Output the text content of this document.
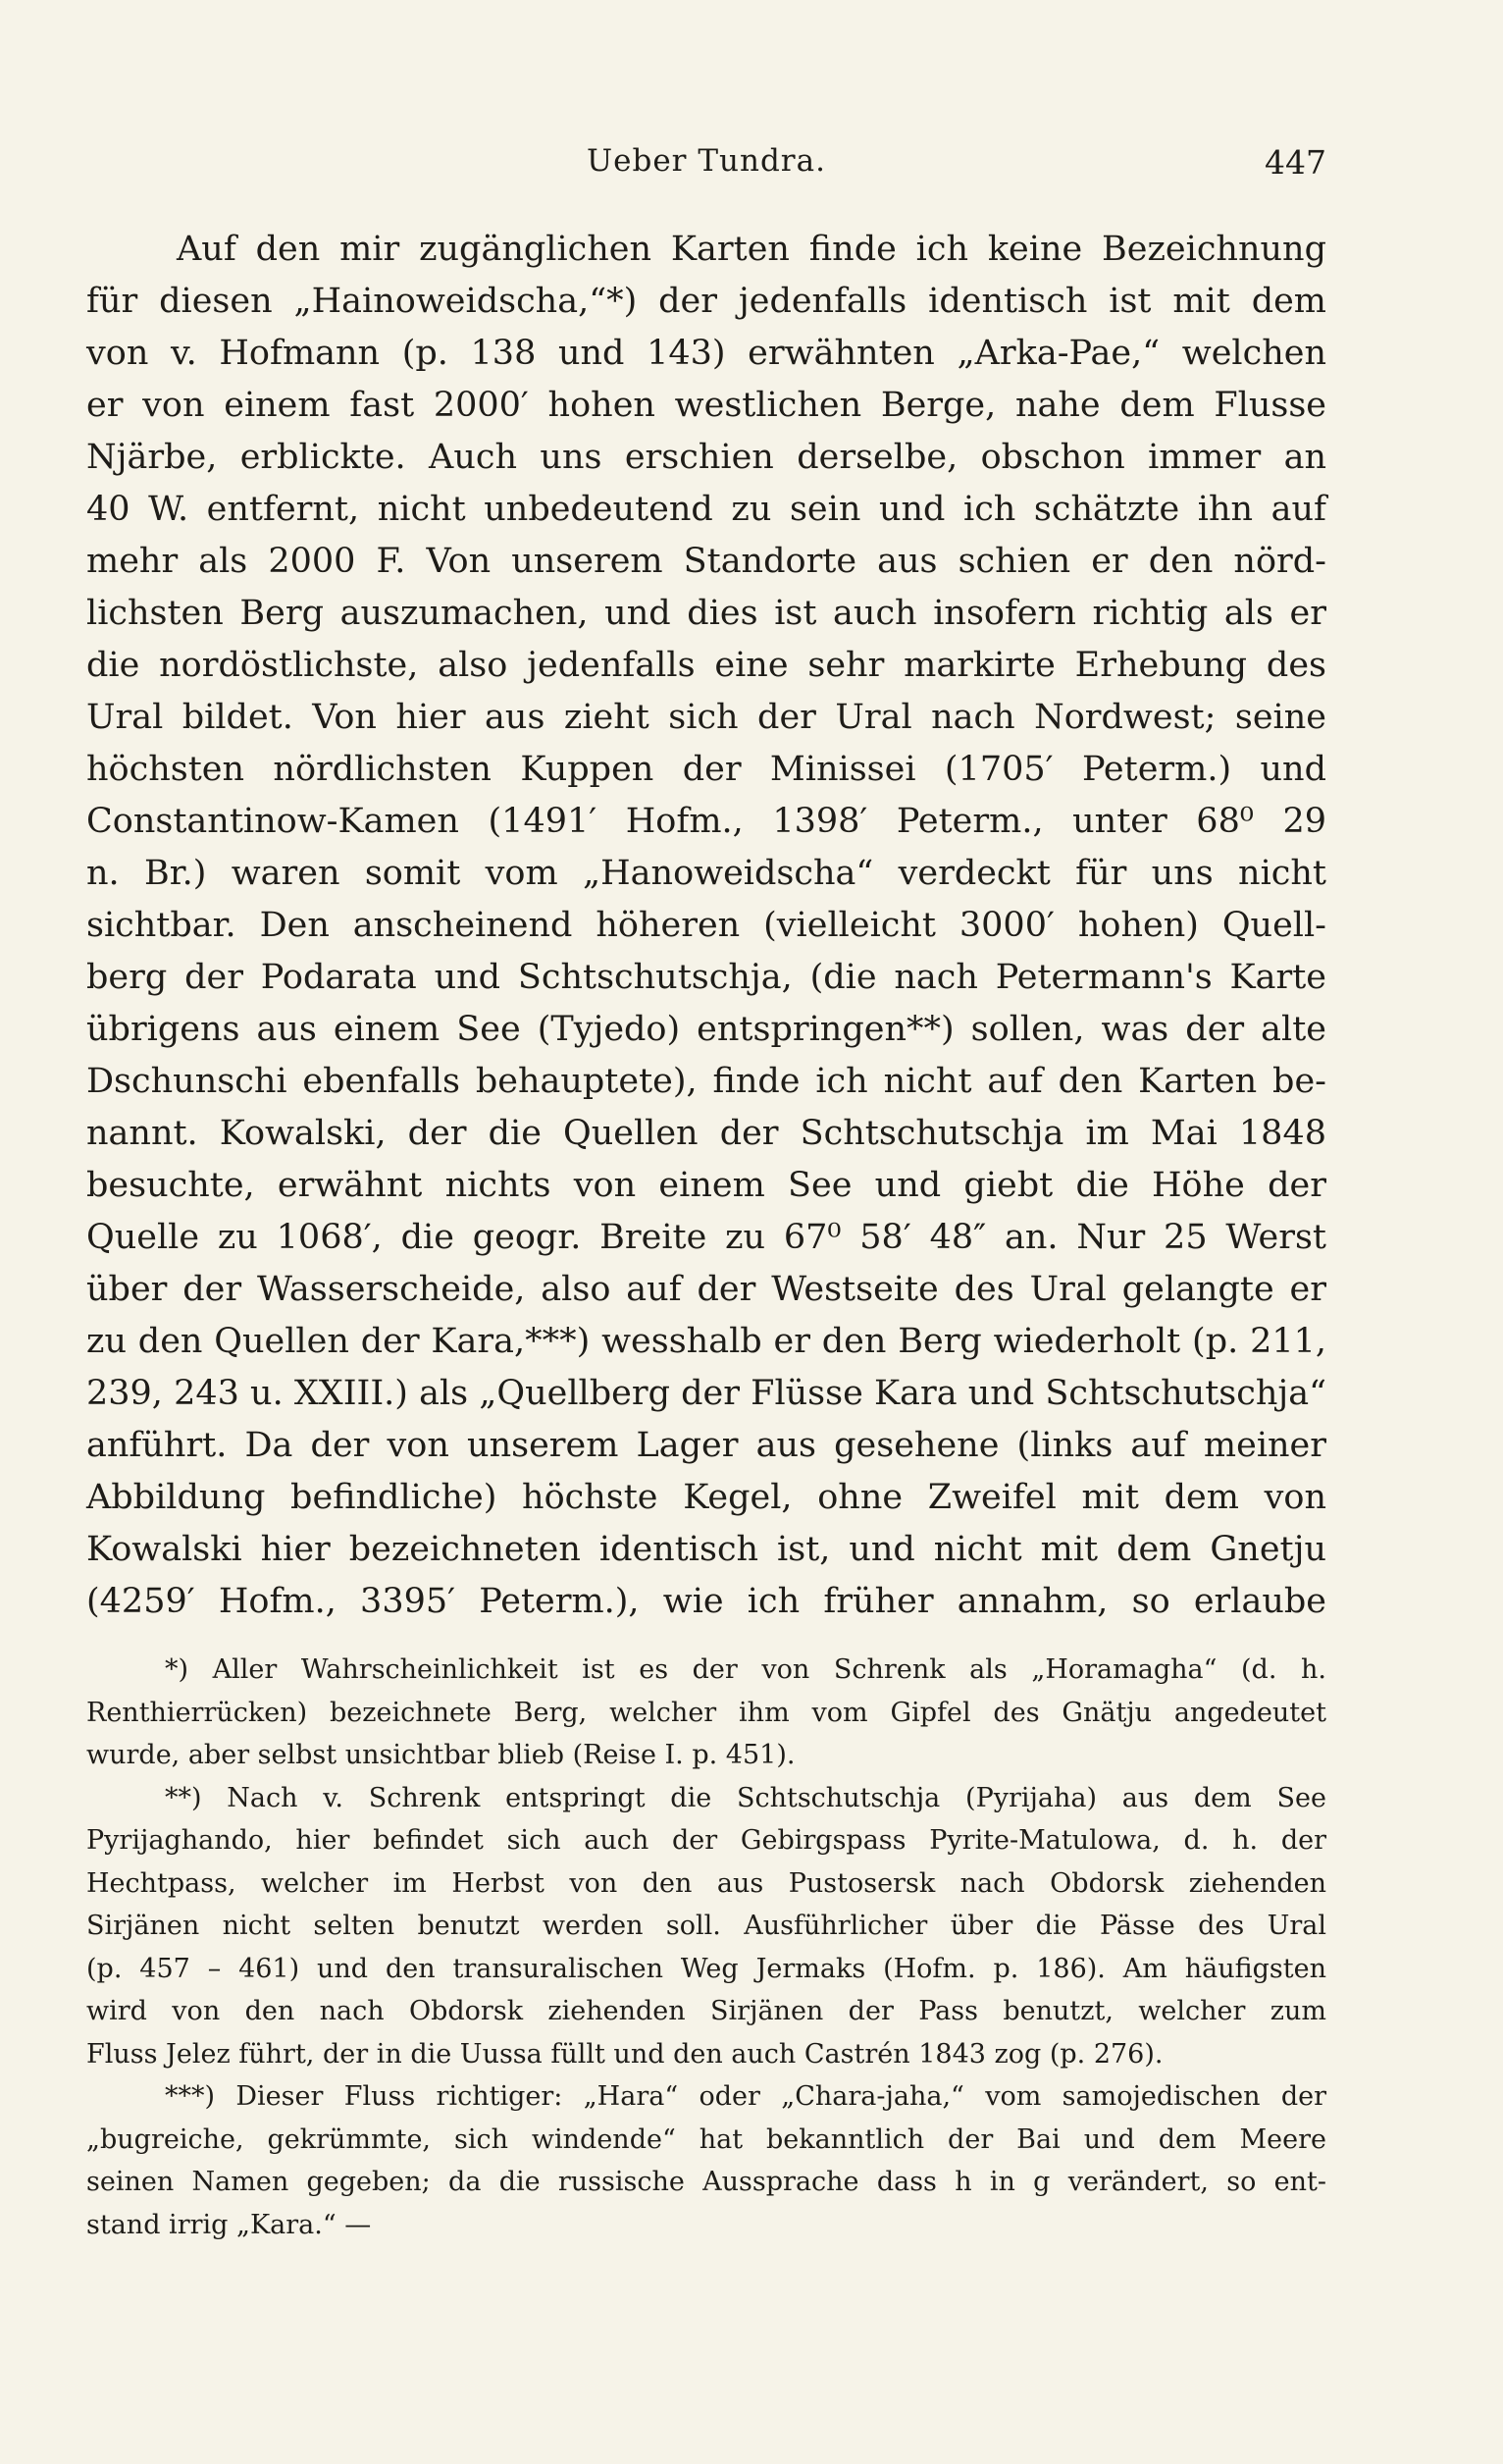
Ueber Tundra.	447
Auf den mir zugänglichen Karten finde ich keine Bezeichnung
für diesen „Hainoweidscha,“*) der jedenfalls identisch ist mit dem
von v. Hofmann (p. 138 und 143) erwähnten „Arka-Pae,“ welchen
er von einem fast 2000′ hohen westlichen Berge, nahe dem Flusse
Njärbe, erblickte. Auch uns erschien derselbe, obschon immer an
40 W. entfernt, nicht unbedeutend zu sein und ich schätzte ihn auf
mehr als 2000 F. Von unserem Standorte aus schien er den nörd-
lichsten Berg auszumachen, und dies ist auch insofern richtig als er
die nordöstlichste, also jedenfalls eine sehr markirte Erhebung des
Ural bildet. Von hier aus zieht sich der Ural nach Nordwest; seine
höchsten nördlichsten Kuppen der Minissei (1705′ Peterm.) und
Constantinow-Kamen (1491′ Hofm., 1398′ Peterm., unter 68⁰ 29
n. Br.) waren somit vom „Hanoweidscha“ verdeckt für uns nicht
sichtbar. Den anscheinend höheren (vielleicht 3000′ hohen) Quell-
berg der Podarata und Schtschutschja, (die nach Petermann's Karte
übrigens aus einem See (Tyjedo) entspringen**) sollen, was der alte
Dschunschi ebenfalls behauptete), finde ich nicht auf den Karten be-
nannt. Kowalski, der die Quellen der Schtschutschja im Mai 1848
besuchte, erwähnt nichts von einem See und giebt die Höhe der
Quelle zu 1068′, die geogr. Breite zu 67⁰ 58′ 48″ an. Nur 25 Werst
über der Wasserscheide, also auf der Westseite des Ural gelangte er
zu den Quellen der Kara,***) wesshalb er den Berg wiederholt (p. 211,
239, 243 u. XXIII.) als „Quellberg der Flüsse Kara und Schtschutschja“
anführt. Da der von unserem Lager aus gesehene (links auf meiner
Abbildung befindliche) höchste Kegel, ohne Zweifel mit dem von
Kowalski hier bezeichneten identisch ist, und nicht mit dem Gnetju
(4259′ Hofm., 3395′ Peterm.), wie ich früher annahm, so erlaube
*) Aller Wahrscheinlichkeit ist es der von Schrenk als „Horamagha“ (d. h.
Renthierrücken) bezeichnete Berg, welcher ihm vom Gipfel des Gnätju angedeutet
wurde, aber selbst unsichtbar blieb (Reise I. p. 451).
**) Nach v. Schrenk entspringt die Schtschutschja (Pyrijaha) aus dem See
Pyrijaghando, hier befindet sich auch der Gebirgspass Pyrite-Matulowa, d. h. der
Hechtpass, welcher im Herbst von den aus Pustosersk nach Obdorsk ziehenden
Sirjänen nicht selten benutzt werden soll. Ausführlicher über die Pässe des Ural
(p. 457 – 461) und den transuralischen Weg Jermaks (Hofm. p. 186). Am häufigsten
wird von den nach Obdorsk ziehenden Sirjänen der Pass benutzt, welcher zum
Fluss Jelez führt, der in die Uussa füllt und den auch Castrén 1843 zog (p. 276).
***) Dieser Fluss richtiger: „Hara“ oder „Chara-jaha,“ vom samojedischen der
„bugreiche, gekrümmte, sich windende“ hat bekanntlich der Bai und dem Meere
seinen Namen gegeben; da die russische Aussprache dass h in g verändert, so ent-
stand irrig „Kara.“ —
